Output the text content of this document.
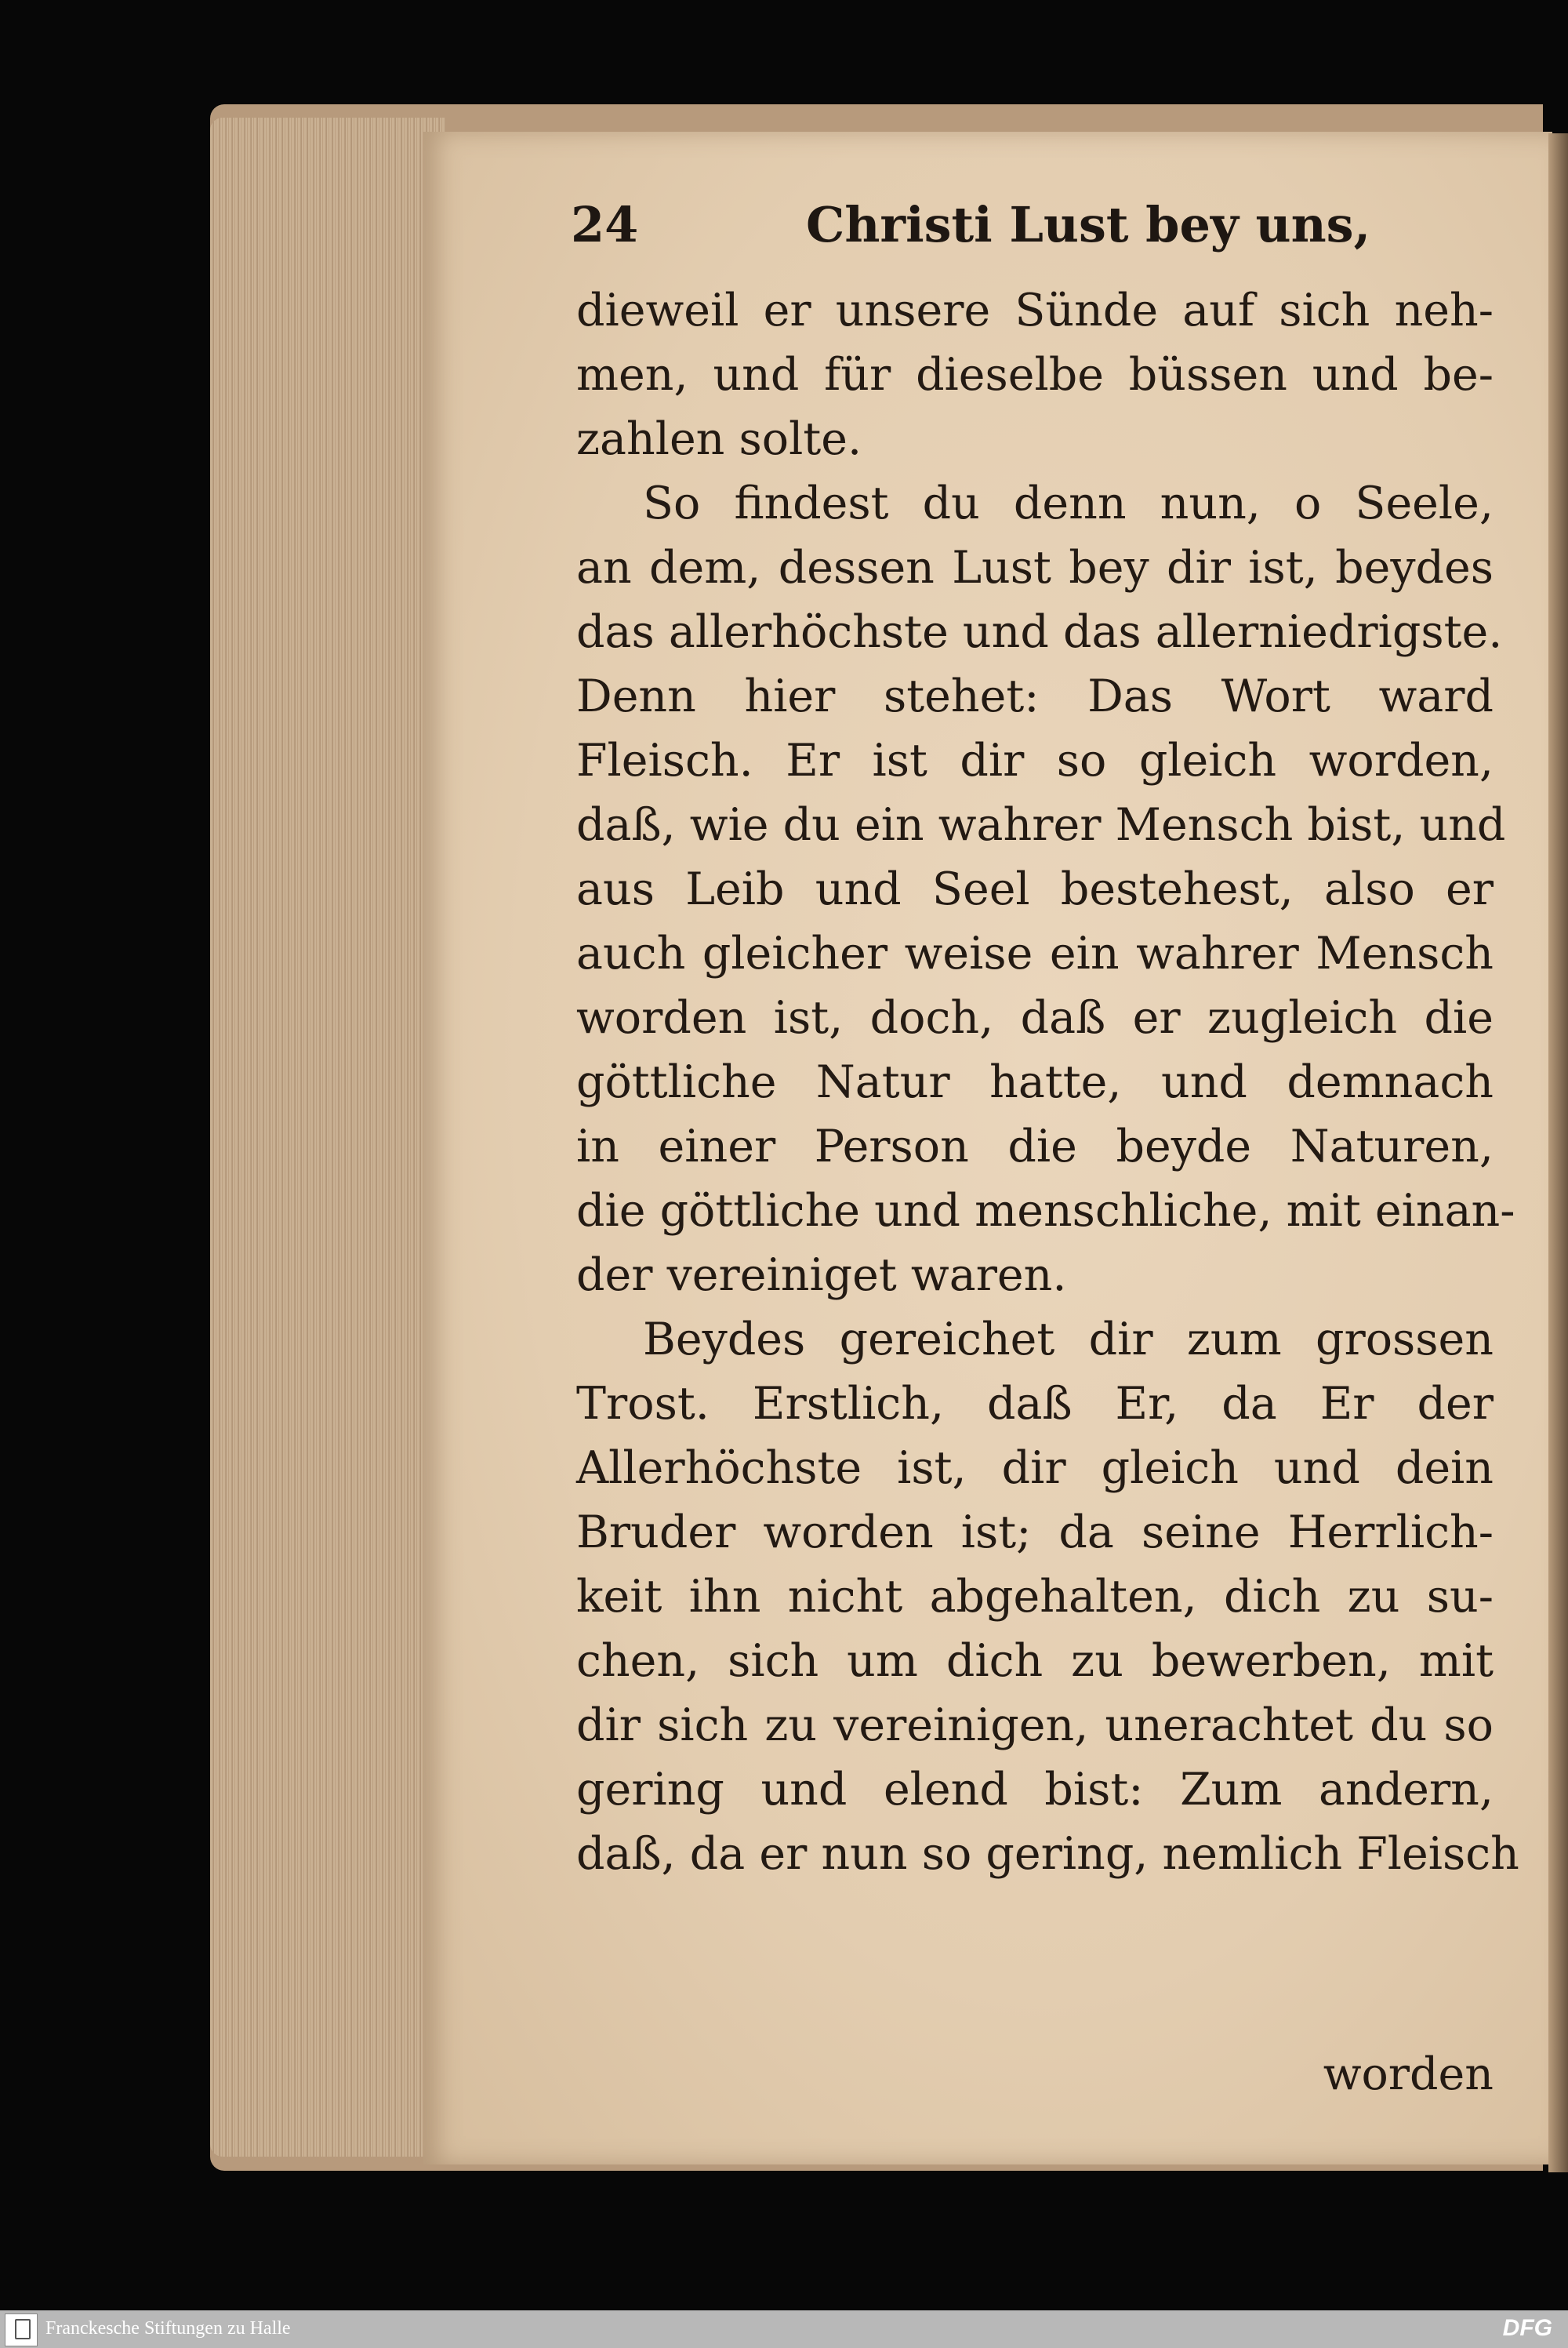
24	Christi Lust bey uns,
dieweil er unsere Sünde auf sich neh-
men, und für dieselbe büssen und be-
zahlen solte.
So findest du denn nun, o Seele,
an dem, dessen Lust bey dir ist, beydes
das allerhöchste und das allerniedrigste.
Denn hier stehet: Das Wort ward
Fleisch. Er ist dir so gleich worden,
daß, wie du ein wahrer Mensch bist, und
aus Leib und Seel bestehest, also er
auch gleicher weise ein wahrer Mensch
worden ist, doch, daß er zugleich die
göttliche Natur hatte, und demnach
in einer Person die beyde Naturen,
die göttliche und menschliche, mit einan-
der vereiniget waren.
Beydes gereichet dir zum grossen
Trost. Erstlich, daß Er, da Er der
Allerhöchste ist, dir gleich und dein
Bruder worden ist; da seine Herrlich-
keit ihn nicht abgehalten, dich zu su-
chen, sich um dich zu bewerben, mit
dir sich zu vereinigen, unerachtet du so
gering und elend bist: Zum andern,
daß, da er nun so gering, nemlich Fleisch
worden
Franckesche Stiftungen zu Halle	DFG
